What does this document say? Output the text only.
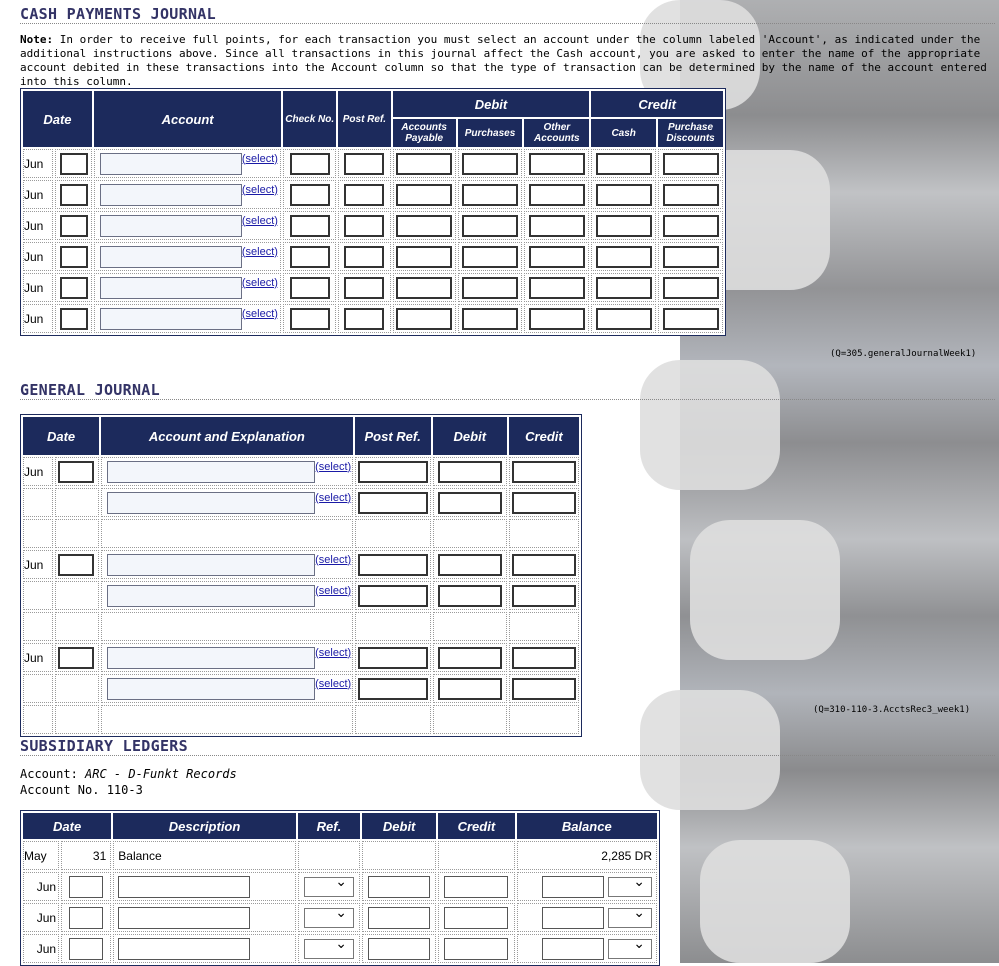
CASH PAYMENTS JOURNAL
Note: In order to receive full points, for each transaction you must select an account under the column labeled 'Account', as indicated under the additional instructions above. Since all transactions in this journal affect the Cash account, you are asked to enter the name of the appropriate account debited in these transactions into the Account column so that the type of transaction can be determined by the name of the account entered into this column.
Date		Account	Check No.	Post Ref.	Debit			Credit	
					Accounts Payable	Purchases	Other Accounts	Cash	Purchase Discounts
Jun		(select)							
Jun		(select)							
Jun		(select)							
Jun		(select)							
Jun		(select)							
Jun		(select)							
(Q=305.generalJournalWeek1)
GENERAL JOURNAL
Date		Account and Explanation	Post Ref.	Debit	Credit
Jun		(select)			
		(select)			

Jun		(select)			
		(select)			

Jun		(select)			
		(select)			

(Q=310-110-3.AcctsRec3_week1)
SUBSIDIARY LEDGERS
Account: ARC - D-Funkt Records
Account No. 110-3
Date		Description	Ref.	Debit	Credit	Balance
May	31	Balance				2,285 DR
Jun			⌄			⌄
Jun			⌄			⌄
Jun			⌄			⌄
